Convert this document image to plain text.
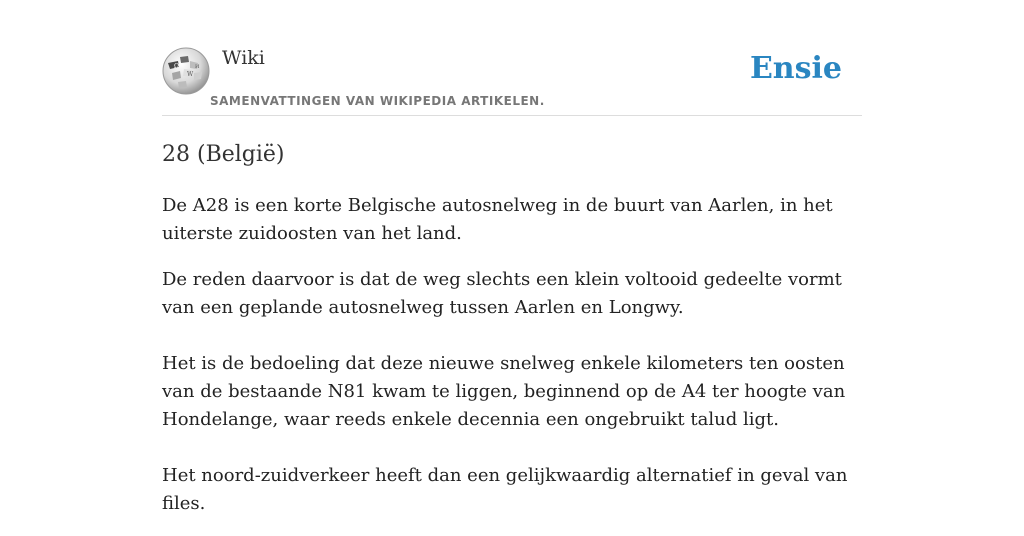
Ω
W
И Wiki
SAMENVATTINGEN VAN WIKIPEDIA ARTIKELEN.
Ensie
28 (België)

De A28 is een korte Belgische autosnelweg in de buurt van Aarlen, in het uiterste zuidoosten van het land.

De reden daarvoor is dat de weg slechts een klein voltooid gedeelte vormt van een geplande autosnelweg tussen Aarlen en Longwy.

Het is de bedoeling dat deze nieuwe snelweg enkele kilometers ten oosten van de bestaande N81 kwam te liggen, beginnend op de A4 ter hoogte van Hondelange, waar reeds enkele decennia een ongebruikt talud ligt.

Het noord-zuidverkeer heeft dan een gelijkwaardig alternatief in geval van files.
